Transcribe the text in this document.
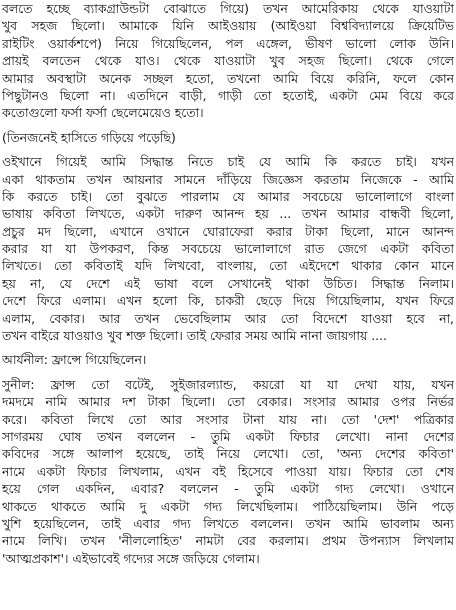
বলতে হচ্ছে ব্যাকগ্রাউন্ডটা বোঝাতে গিয়ে) তখন আমেরিকায় থেকে যাওয়াটা
খুব সহজ ছিলো। আমাকে যিনি আইওয়ায় (আইওয়া বিশ্ববিদ্যালয়ে ক্রিয়েটিভ
রাইটিং ওয়ার্কশপে) নিয়ে গিয়েছিলেন, পল এঙ্গেল, ভীষণ ভালো লোক উনি।
প্রায়ই বলতেন থেকে যাও। থেকে যাওয়াটা খুব সহজ ছিলো। থেকে গেলে
আমার অবস্থাটা অনেক সচ্ছল হতো, তখনো আমি বিয়ে করিনি, ফলে কোন
পিছুটানও ছিলো না। এতদিনে বাড়ী, গাড়ী তো হতোই, একটা মেম বিয়ে করে
কতোগুলো ফর্সা ফর্সা ছেলেমেয়েও হতো।
(তিনজনেই হাসিতে গড়িয়ে পড়েছি)
ওইখানে গিয়েই আমি সিদ্ধান্ত নিতে চাই যে আমি কি করতে চাই। যখন
একা থাকতাম তখন আয়নার সামনে দাঁড়িয়ে জিজ্ঞেস করতাম নিজেকে - আমি
কি করতে চাই। তো বুঝতে পারলাম যে আমার সবচেয়ে ভালোলাগে বাংলা
ভাষায় কবিতা লিখতে, একটা দারুণ আনন্দ হয় ... তখন আমার বান্ধবী ছিলো,
প্রচুর মদ ছিলো, এখানে ওখানে ঘোরাফেরা করার টাকা ছিলো, মানে আনন্দ
করার যা যা উপকরণ, কিন্ত সবচেয়ে ভালোলাগে রাত জেগে একটা কবিতা
লিখতে। তো কবিতাই যদি লিখবো, বাংলায়, তো এইদেশে থাকার কোন মানে
হয় না, যে দেশে এই ভাষা বলে সেখানেই থাকা উচিত। সিদ্ধান্ত নিলাম।
দেশে ফিরে এলাম। এখন হলো কি, চাকরী ছেড়ে দিয়ে গিয়েছিলাম, যখন ফিরে
এলাম, বেকার। আর তখন ভেবেছিলাম আর তো বিদেশে যাওয়া হবে না,
তখন বাইরে যাওয়াও খুব শক্ত ছিলো। তাই ফেরার সময় আমি নানা জায়গায় ....
আর্যনীল: ফ্রান্সে গিয়েছিলেন।
সুনীল: ফ্রান্স তো বটেই, সুইজারল্যান্ড, কয়রো যা যা দেখা যায়, যখন
দমদমে নামি আমার দশ টাকা ছিলো। তো বেকার। সংসার আমার ওপর নির্ভর
করে। কবিতা লিখে তো আর সংসার টানা যায় না। তো 'দেশ' পত্রিকার
সাগরময় ঘোষ তখন বললেন - তুমি একটা ফিচার লেখো। নানা দেশের
কবিদের সঙ্গে আলাপ হয়েছে, তাই নিয়ে লেখো। তো, 'অন্য দেশের কবিতা'
নামে একটা ফিচার লিখলাম, এখন বই হিসেবে পাওয়া যায়। ফিচার তো শেষ
হয়ে গেল একদিন, এবার? বললেন - তুমি একটা গদ্য লেখো। ওখানে
থাকতে থাকতে আমি দু একটা গদ্য লিখেছিলাম। পাঠিয়েছিলাম। উনি পড়ে
খুশি হয়েছিলেন, তাই এবার গদ্য লিখতে বললেন। তখন আমি ভাবলাম অন্য
নামে লিখি। তখন 'নীললোহিত' নামটা বের করলাম। প্রথম উপন্যাস লিখলাম
'আত্মপ্রকাশ'। এইভাবেই গদ্যের সঙ্গে জড়িয়ে গেলাম।
